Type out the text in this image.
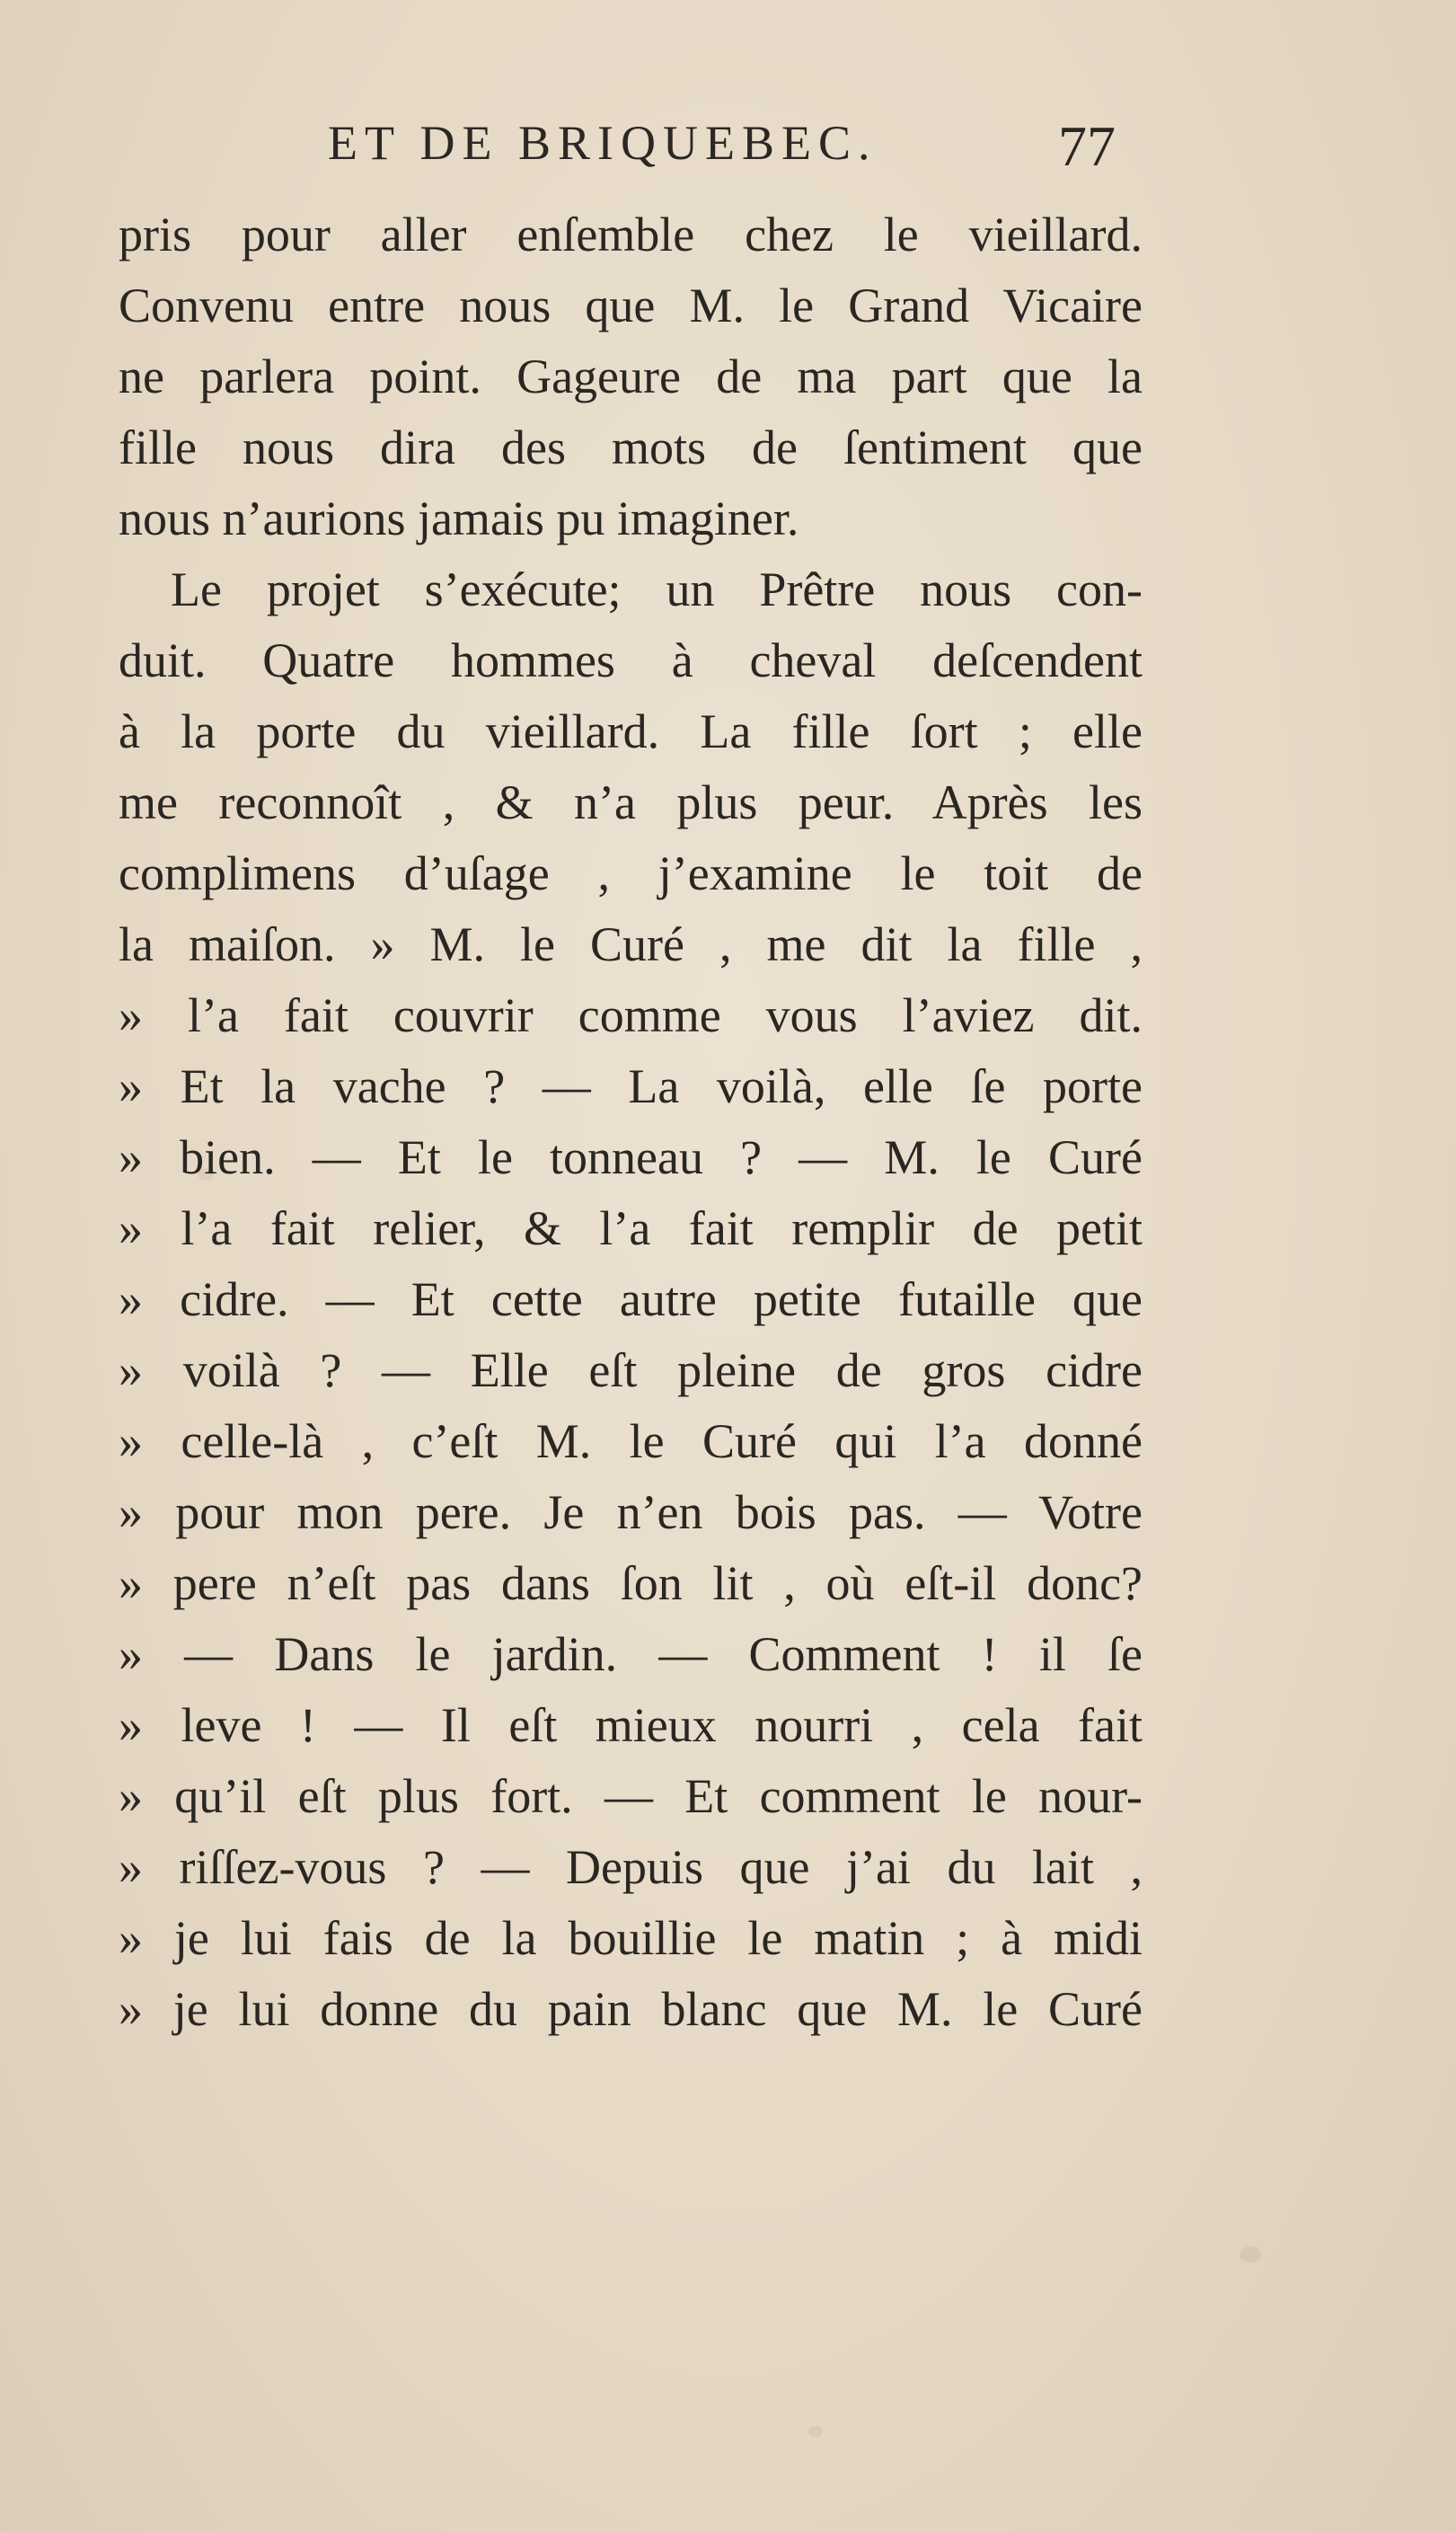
ET DE BRIQUEBEC.	77
pris pour aller enſemble chez le vieillard.
Convenu entre nous que M. le Grand Vicaire
ne parlera point. Gageure de ma part que la
fille nous dira des mots de ſentiment que
nous n’aurions jamais pu imaginer.
Le projet s’exécute; un Prêtre nous con-
duit. Quatre hommes à cheval deſcendent
à la porte du vieillard. La fille ſort ; elle
me reconnoît , & n’a plus peur. Après les
complimens d’uſage , j’examine le toit de
la maiſon. » M. le Curé , me dit la fille ,
» l’a fait couvrir comme vous l’aviez dit.
» Et la vache ? — La voilà, elle ſe porte
» bien. — Et le tonneau ? — M. le Curé
» l’a fait relier, & l’a fait remplir de petit
» cidre. — Et cette autre petite futaille que
» voilà ? — Elle eſt pleine de gros cidre
» celle-là , c’eſt M. le Curé qui l’a donné
» pour mon pere. Je n’en bois pas. — Votre
» pere n’eſt pas dans ſon lit , où eſt-il donc?
» — Dans le jardin. — Comment ! il ſe
» leve ! — Il eſt mieux nourri , cela fait
» qu’il eſt plus fort. — Et comment le nour-
» riſſez-vous ? — Depuis que j’ai du lait ,
» je lui fais de la bouillie le matin ; à midi
» je lui donne du pain blanc que M. le Curé
